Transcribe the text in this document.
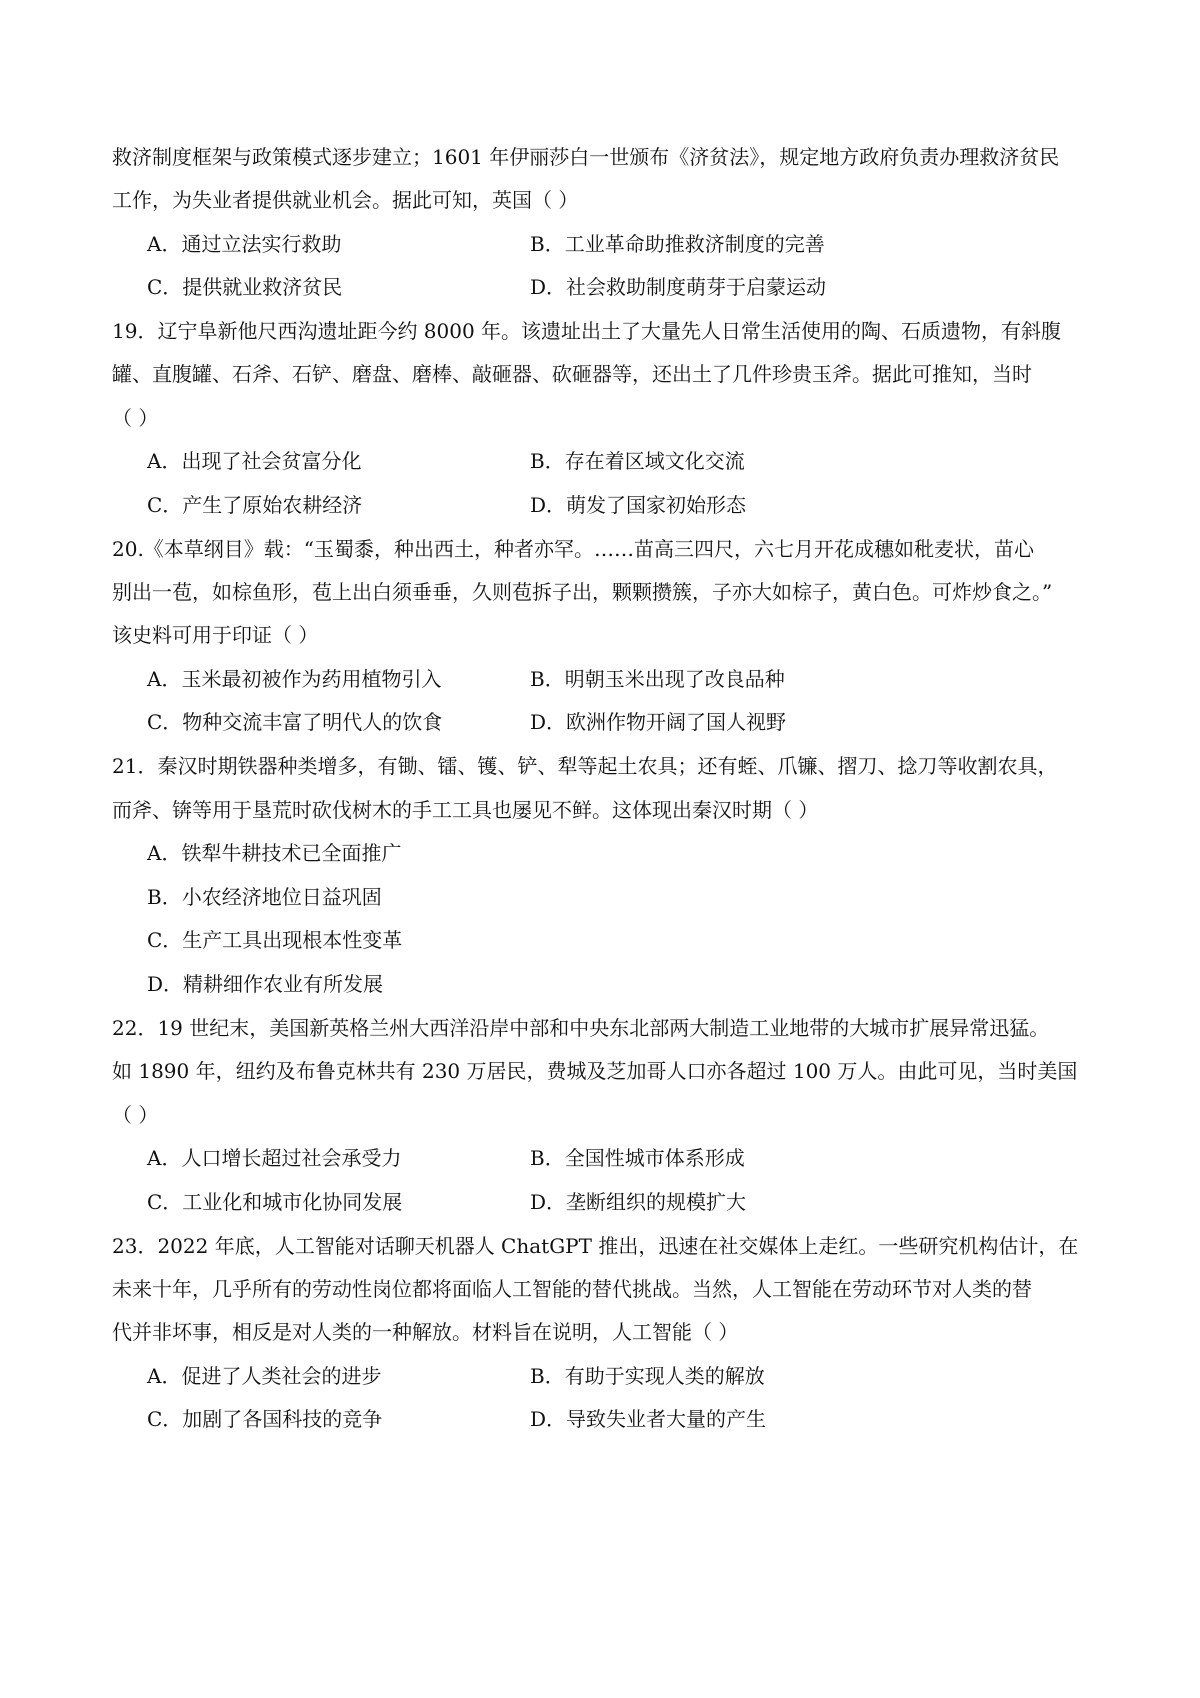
救济制度框架与政策模式逐步建立；1601 年伊丽莎白一世颁布《济贫法》，规定地方政府负责办理救济贫民
工作，为失业者提供就业机会。据此可知，英国（ ）
A．通过立法实行救助	B．工业革命助推救济制度的完善
C．提供就业救济贫民	D．社会救助制度萌芽于启蒙运动
19．辽宁阜新他尺西沟遗址距今约 8000 年。该遗址出土了大量先人日常生活使用的陶、石质遗物，有斜腹
罐、直腹罐、石斧、石铲、磨盘、磨棒、敲砸器、砍砸器等，还出土了几件珍贵玉斧。据此可推知，当时
（ ）
A．出现了社会贫富分化	B．存在着区域文化交流
C．产生了原始农耕经济	D．萌发了国家初始形态
20.《本草纲目》载：“玉蜀黍，种出西土，种者亦罕。……苗高三四尺，六七月开花成穗如秕麦状，苗心
别出一苞，如棕鱼形，苞上出白须垂垂，久则苞拆子出，颗颗攒簇，子亦大如棕子，黄白色。可炸炒食之。”
该史料可用于印证（ ）
A．玉米最初被作为药用植物引入	B．明朝玉米出现了改良品种
C．物种交流丰富了明代人的饮食	D．欧洲作物开阔了国人视野
21．秦汉时期铁器种类增多，有锄、镭、镬、铲、犁等起土农具；还有蛭、爪镰、摺刀、捻刀等收割农具，
而斧、锛等用于垦荒时砍伐树木的手工工具也屡见不鲜。这体现出秦汉时期（ ）
A．铁犁牛耕技术已全面推广
B．小农经济地位日益巩固
C．生产工具出现根本性变革
D．精耕细作农业有所发展
22．19 世纪末，美国新英格兰州大西洋沿岸中部和中央东北部两大制造工业地带的大城市扩展异常迅猛。
如 1890 年，纽约及布鲁克林共有 230 万居民，费城及芝加哥人口亦各超过 100 万人。由此可见，当时美国
（ ）
A．人口增长超过社会承受力	B．全国性城市体系形成
C．工业化和城市化协同发展	D．垄断组织的规模扩大
23．2022 年底，人工智能对话聊天机器人 ChatGPT 推出，迅速在社交媒体上走红。一些研究机构估计，在
未来十年，几乎所有的劳动性岗位都将面临人工智能的替代挑战。当然，人工智能在劳动环节对人类的替
代并非坏事，相反是对人类的一种解放。材料旨在说明，人工智能（ ）
A．促进了人类社会的进步	B．有助于实现人类的解放
C．加剧了各国科技的竞争	D．导致失业者大量的产生
